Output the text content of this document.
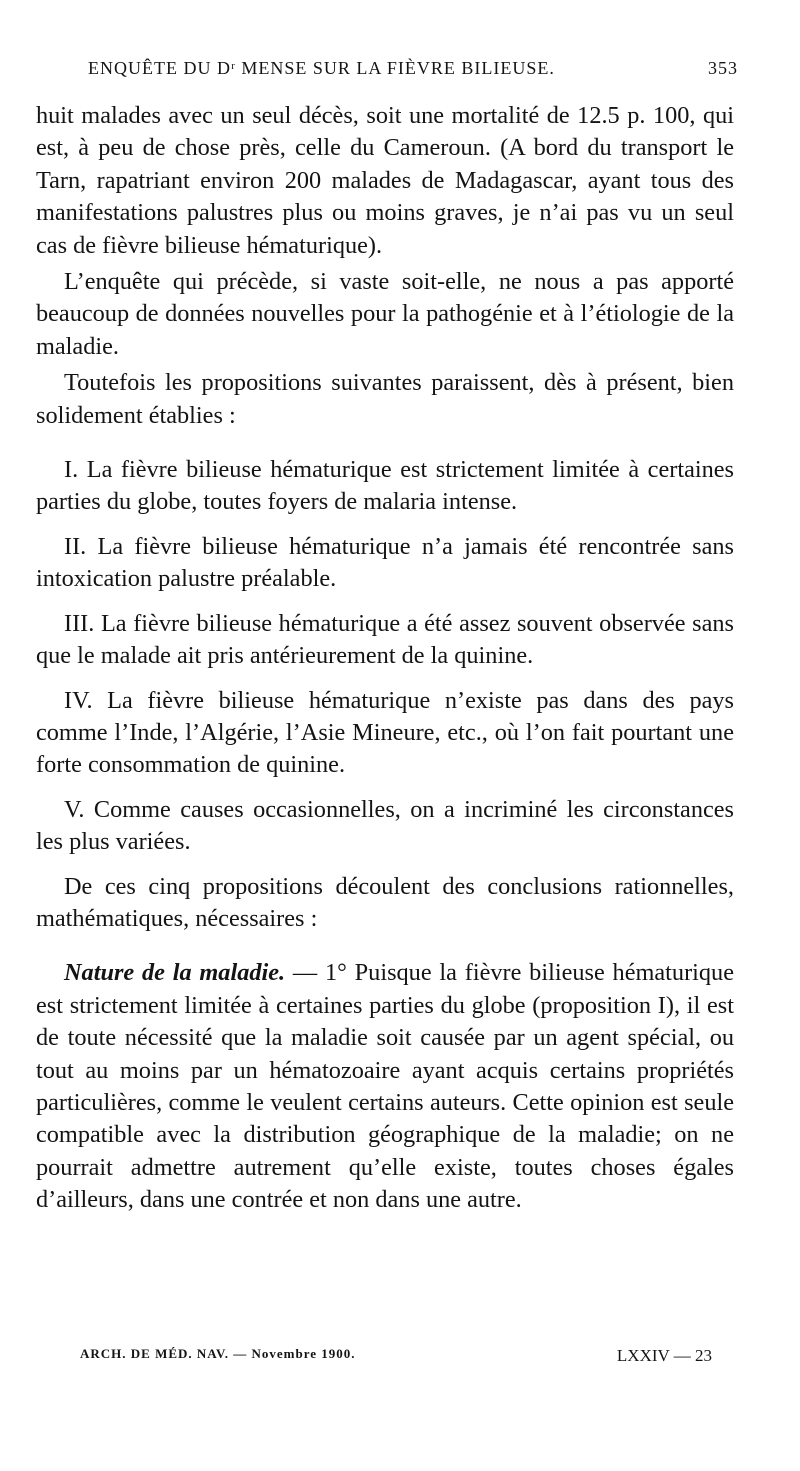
ENQUÊTE DU Dʳ MENSE SUR LA FIÈVRE BILIEUSE.	353

huit malades avec un seul décès, soit une mortalité de 12.5 p. 100, qui est, à peu de chose près, celle du Cameroun. (A bord du transport le Tarn, rapatriant environ 200 malades de Madagascar, ayant tous des manifestations palustres plus ou moins graves, je n’ai pas vu un seul cas de fièvre bilieuse hématurique).

L’enquête qui précède, si vaste soit-elle, ne nous a pas apporté beaucoup de données nouvelles pour la pathogénie et à l’étiologie de la maladie.

Toutefois les propositions suivantes paraissent, dès à présent, bien solidement établies :

I. La fièvre bilieuse hématurique est strictement limitée à certaines parties du globe, toutes foyers de malaria intense.

II. La fièvre bilieuse hématurique n’a jamais été rencontrée sans intoxication palustre préalable.

III. La fièvre bilieuse hématurique a été assez souvent observée sans que le malade ait pris antérieurement de la quinine.

IV. La fièvre bilieuse hématurique n’existe pas dans des pays comme l’Inde, l’Algérie, l’Asie Mineure, etc., où l’on fait pourtant une forte consommation de quinine.

V. Comme causes occasionnelles, on a incriminé les circonstances les plus variées.

De ces cinq propositions découlent des conclusions rationnelles, mathématiques, nécessaires :

Nature de la maladie. — 1° Puisque la fièvre bilieuse hématurique est strictement limitée à certaines parties du globe (proposition I), il est de toute nécessité que la maladie soit causée par un agent spécial, ou tout au moins par un hématozoaire ayant acquis certains propriétés particulières, comme le veulent certains auteurs. Cette opinion est seule compatible avec la distribution géographique de la maladie; on ne pourrait admettre autrement qu’elle existe, toutes choses égales d’ailleurs, dans une contrée et non dans une autre.

ARCH. DE MÉD. NAV. — Novembre 1900.	LXXIV — 23
